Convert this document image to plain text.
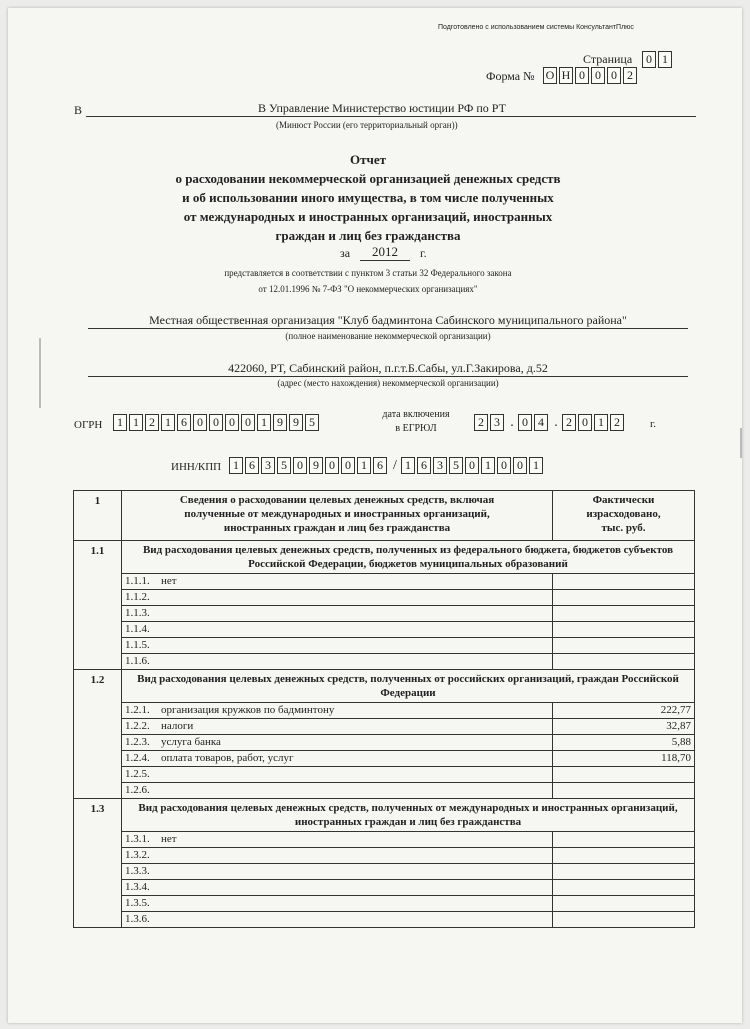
Подготовлено с использованием системы КонсультантПлюс
Страница	0 1
Форма № О Н 0 0 0 2
В	В Управление Министерство юстиции РФ по РТ
(Минюст России (его территориальный орган))
Отчет
о расходовании некоммерческой организацией денежных средств
и об использовании иного имущества, в том числе полученных
от международных и иностранных организаций, иностранных
граждан и лиц без гражданства
за	2012	г.
представляется в соответствии с пунктом 3 статьи 32 Федерального закона
от 12.01.1996 № 7-ФЗ "О некоммерческих организациях"
Местная общественная организация "Клуб бадминтона Сабинского муниципального района"
(полное наименование некоммерческой организации)
422060, РТ, Сабинский район, п.г.т.Б.Сабы, ул.Г.Закирова, д.52
(адрес (место нахождения) некоммерческой организации)
ОГРН	1 1 2 1 6 0 0 0 0 1 9 9 5
дата включения
в ЕГРЮЛ	2 3 . 0 4 . 2 0 1 2	г.
ИНН/КПП 1 6 3 5 0 9 0 0 1 6 / 1 6 3 5 0 1 0 0 1
1	Сведения о расходовании целевых денежных средств, включая полученные от международных и иностранных организаций, иностранных граждан и лиц без гражданства	Фактически израсходовано, тыс. руб.
1.1	Вид расходования целевых денежных средств, полученных из федерального бюджета, бюджетов субъектов Российской Федерации, бюджетов муниципальных образований	
	1.1.1. нет	
	1.1.2.	
	1.1.3.	
	1.1.4.	
	1.1.5.	
	1.1.6.	
1.2	Вид расходования целевых денежных средств, полученных от российских организаций, граждан Российской Федерации	
	1.2.1. организация кружков по бадминтону	222,77
	1.2.2. налоги	32,87
	1.2.3. услуга банка	5,88
	1.2.4. оплата товаров, работ, услуг	118,70
	1.2.5.	
	1.2.6.	
1.3	Вид расходования целевых денежных средств, полученных от международных и иностранных организаций, иностранных граждан и лиц без гражданства	
	1.3.1. нет	
	1.3.2.	
	1.3.3.	
	1.3.4.	
	1.3.5.	
	1.3.6.	
